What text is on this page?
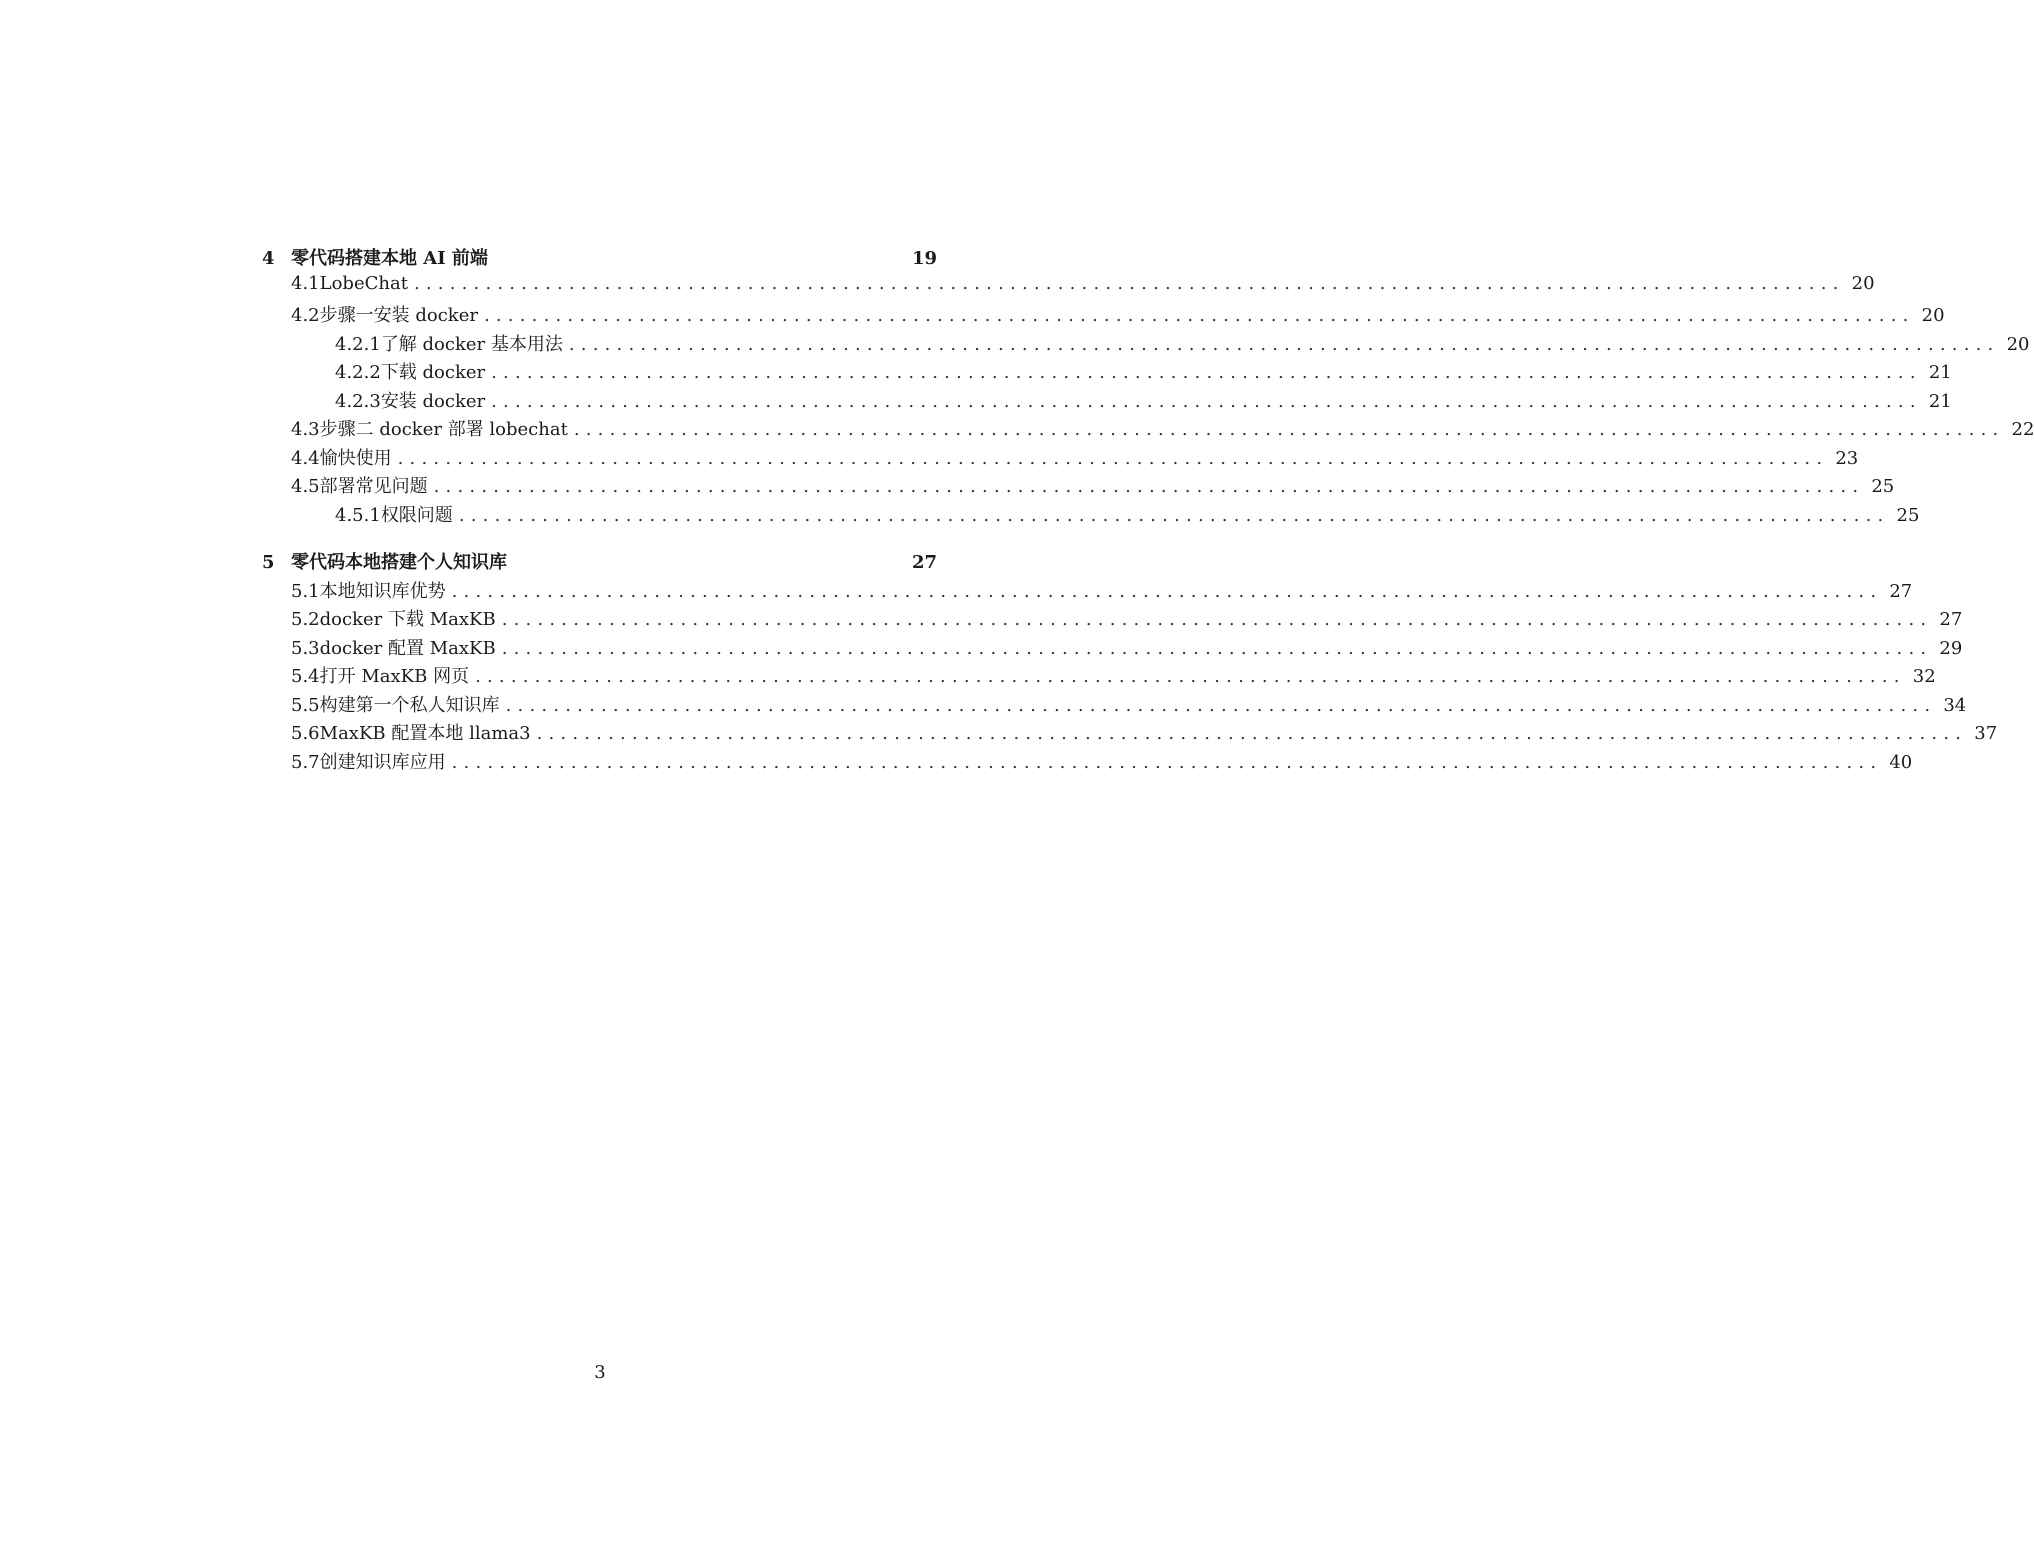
4 零代码搭建本地 AI 前端	19
4.1 LobeChat ........................................................................................................................ 20
4.2 步骤一安装 docker ........................................................................................................................ 20
4.2.1 了解 docker 基本用法 ........................................................................................................................ 20
4.2.2 下载 docker ........................................................................................................................ 21
4.2.3 安装 docker ........................................................................................................................ 21
4.3 步骤二 docker 部署 lobechat ........................................................................................................................ 22
4.4 愉快使用 ........................................................................................................................ 23
4.5 部署常见问题 ........................................................................................................................ 25
4.5.1 权限问题 ........................................................................................................................ 25
5 零代码本地搭建个人知识库	27
5.1 本地知识库优势 ........................................................................................................................ 27
5.2 docker 下载 MaxKB ........................................................................................................................ 27
5.3 docker 配置 MaxKB ........................................................................................................................ 29
5.4 打开 MaxKB 网页 ........................................................................................................................ 32
5.5 构建第一个私人知识库 ........................................................................................................................ 34
5.6 MaxKB 配置本地 llama3 ........................................................................................................................ 37
5.7 创建知识库应用 ........................................................................................................................ 40
3
